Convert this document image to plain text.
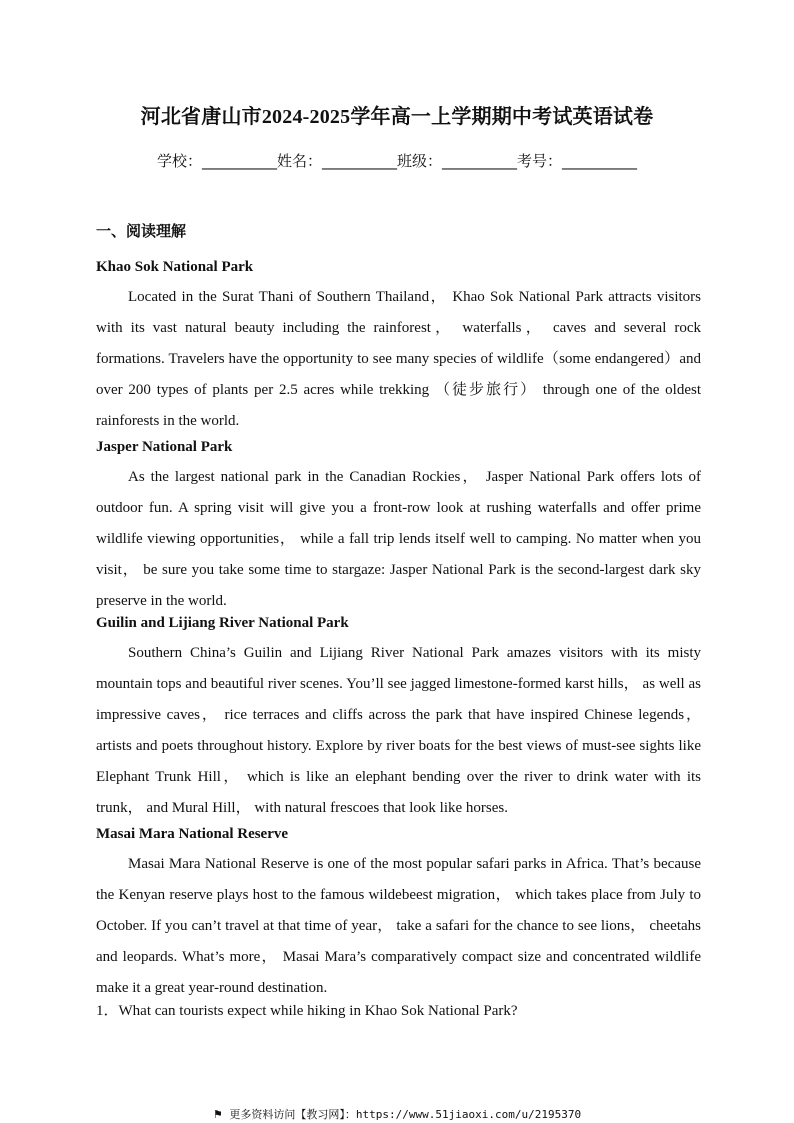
河北省唐山市2024-2025学年高一上学期期中考试英语试卷
学校：__________姓名：__________班级：__________考号：__________
一、阅读理解
Khao Sok National Park
Located in the Surat Thani of Southern Thailand， Khao Sok National Park attracts visitors with its vast natural beauty including the rainforest， waterfalls， caves and several rock formations. Travelers have the opportunity to see many species of wildlife（some endangered）and over 200 types of plants per 2.5 acres while trekking （徒步旅行） through one of the oldest rainforests in the world.
Jasper National Park
As the largest national park in the Canadian Rockies， Jasper National Park offers lots of outdoor fun. A spring visit will give you a front-row look at rushing waterfalls and offer prime wildlife viewing opportunities， while a fall trip lends itself well to camping. No matter when you visit， be sure you take some time to stargaze: Jasper National Park is the second-largest dark sky preserve in the world.
Guilin and Lijiang River National Park
Southern China’s Guilin and Lijiang River National Park amazes visitors with its misty mountain tops and beautiful river scenes. You’ll see jagged limestone-formed karst hills， as well as impressive caves， rice terraces and cliffs across the park that have inspired Chinese legends， artists and poets throughout history. Explore by river boats for the best views of must-see sights like Elephant Trunk Hill， which is like an elephant bending over the river to drink water with its trunk， and Mural Hill， with natural frescoes that look like horses.
Masai Mara National Reserve
Masai Mara National Reserve is one of the most popular safari parks in Africa. That’s because the Kenyan reserve plays host to the famous wildebeest migration， which takes place from July to October. If you can’t travel at that time of year， take a safari for the chance to see lions， cheetahs and leopards. What’s more， Masai Mara’s comparatively compact size and concentrated wildlife make it a great year-round destination.
1．What can tourists expect while hiking in Khao Sok National Park?
⚑ 更多资料访问【教习网】：https://www.51jiaoxi.com/u/2195370
